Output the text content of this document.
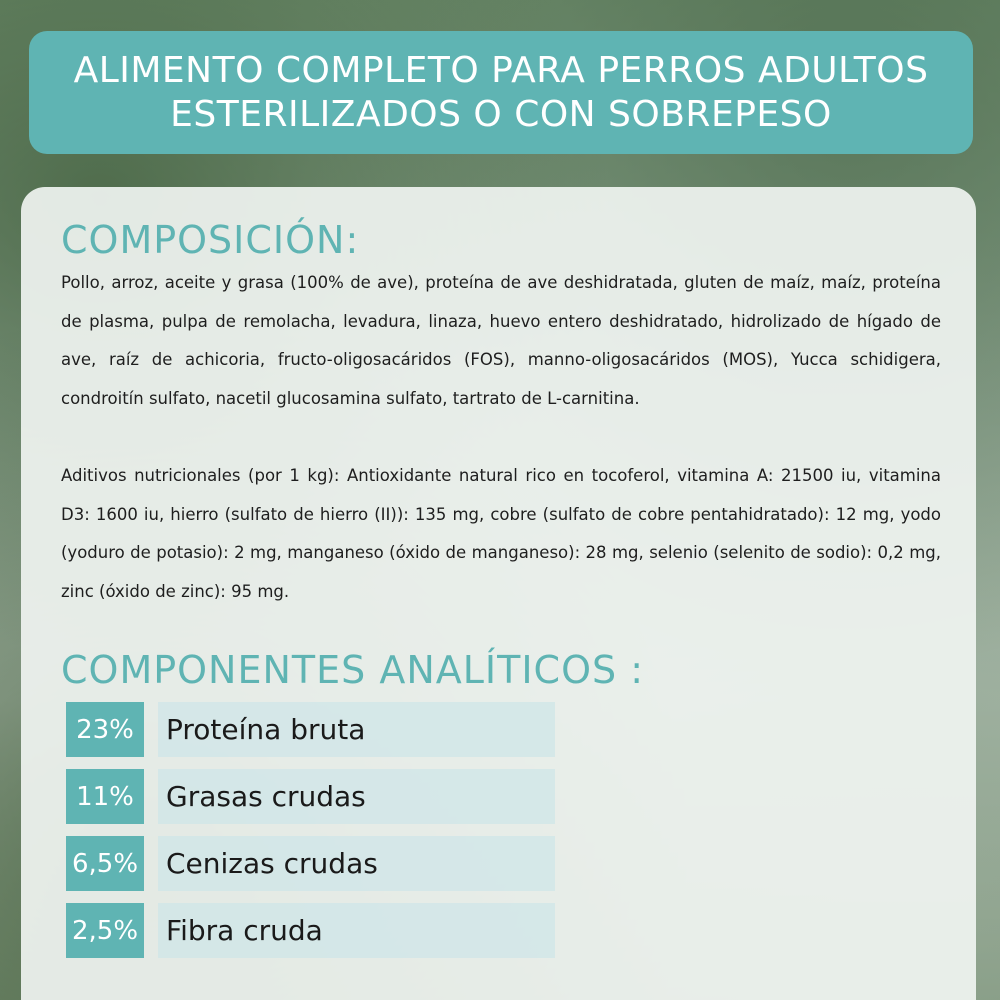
ALIMENTO COMPLETO PARA PERROS ADULTOS
ESTERILIZADOS O CON SOBREPESO
COMPOSICIÓN:

Pollo, arroz, aceite y grasa (100% de ave), proteína de ave deshidratada, gluten de maíz, maíz, proteína de plasma, pulpa de remolacha, levadura, linaza, huevo entero deshidratado, hidrolizado de hígado de ave, raíz de achicoria, fructo-oligosacáridos (FOS), manno-oligosacáridos (MOS), Yucca schidigera, condroitín sulfato, nacetil glucosamina sulfato, tartrato de L-carnitina.

Aditivos nutricionales (por 1 kg): Antioxidante natural rico en tocoferol, vitamina A: 21500 iu, vitamina D3: 1600 iu, hierro (sulfato de hierro (II)): 135 mg, cobre (sulfato de cobre pentahidratado): 12 mg, yodo (yoduro de potasio): 2 mg, manganeso (óxido de manganeso): 28 mg, selenio (selenito de sodio): 0,2 mg, zinc (óxido de zinc): 95 mg.

COMPONENTES ANALÍTICOS :
23%	Proteína bruta
11%	Grasas crudas
6,5% Cenizas crudas
2,5% Fibra cruda
